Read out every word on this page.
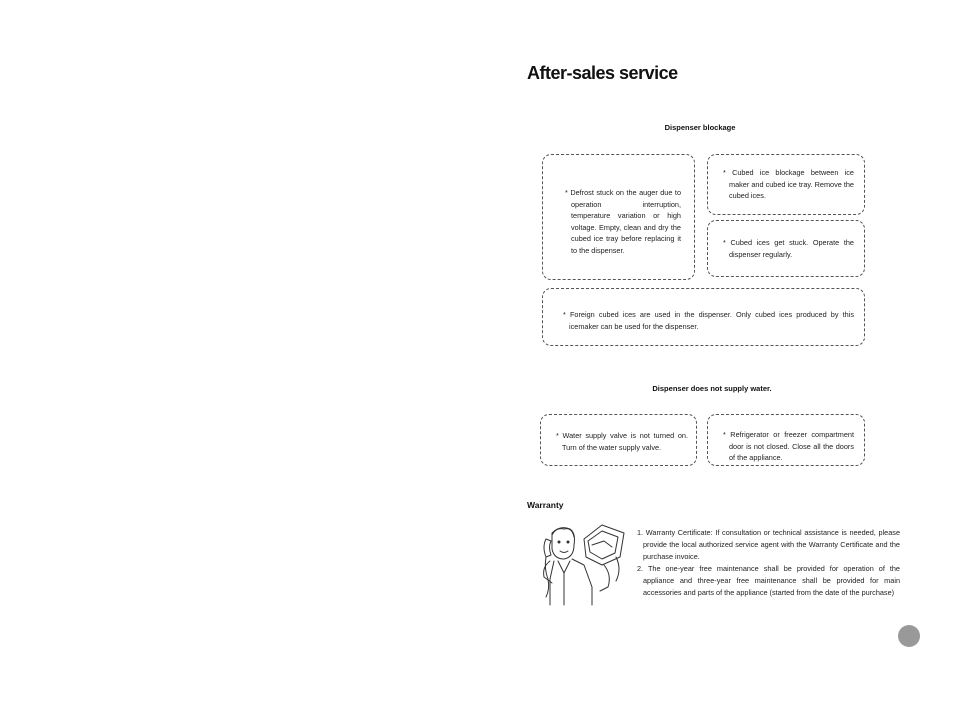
After-sales service
Dispenser blockage

* Defrost stuck on the auger due to operation interruption, temperature variation or high voltage. Empty, clean and dry the cubed ice tray before replacing it to the dispenser.

* Cubed ice blockage between ice maker and cubed ice tray. Remove the cubed ices.

* Cubed ices get stuck. Operate the dispenser regularly.

* Foreign cubed ices are used in the dispenser. Only cubed ices produced by this icemaker can be used for the dispenser.

Dispenser does not supply water.

* Water supply valve is not turned on. Turn of the water supply valve.

* Refrigerator or freezer compartment door is not closed. Close all the doors of the appliance.

Warranty

1. Warranty Certificate: If consultation or technical assistance is needed, please provide the local authorized service agent with the Warranty Certificate and the purchase invoice.

2. The one-year free maintenance shall be provided for operation of the appliance and three-year free maintenance shall be provided for main accessories and parts of the appliance (started from the date of the purchase)
